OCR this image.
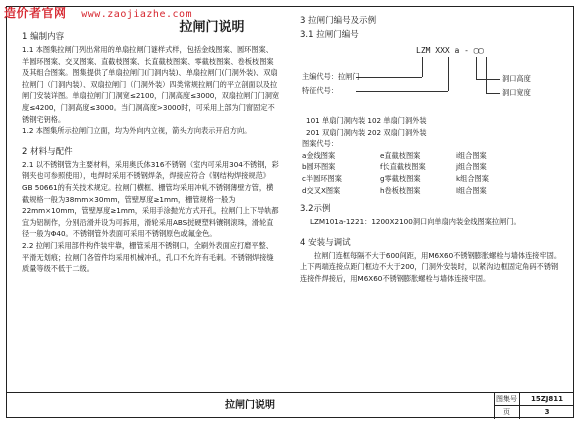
造价者官网 www.zaojiazhe.com
拉闸门说明
1 编制内容

1.1 本图集拉闸门列出常用的单扇拉闸门谜样式样，包括金线图案、圆环图案、羊圆环图案、交叉图案、直截枝图案、长直截枝图案、零截枝图案、卷板枝图案及其组合图案。图集提供了单扇拉闸门(门洞内装)、单扇拉闸门(门洞外装)、双扇拉闸门（门洞内装）、双扇拉闸门（门洞外装）四类常规拉闸门的平立剖面以及拉闸门安装详图。单扇拉闸门门洞宽≤2100，门洞高度≤3000，双扇拉闸门门洞宽度≤4200，门洞高度≤3000。当门洞高度>3000时，可采用上部为门窗固定不锈钢宅钥格。

1.2 本图集所示拉闸门立面，均为外向内立视，箭头方向表示开启方向。

2 材料与配件

2.1 以不锈钢管为主要材料，采用奥氏体316不锈钢（室内可采用304不锈钢，彩钢夹也可参照使用），电焊时采用不锈钢焊条，焊接应符合《钢结构焊接规范》GB 50661的有关技术规定。拉闸门横框、栅管均采用冲轧不锈钢薄壁方管，横截规格一般为38mm×30mm，管壁厚度≥1mm，栅管规格一般为22mm×10mm，管壁厚度≥1mm，采用手涂抛光方式开孔，拉闸门上下导轨都宜为铝制作，分别沿滑并设为可拆用，滑轮采用ABS挝硬塑料镶钢滚珠，滑轮直径一般为Φ40。不锈钢管外表面可采用不锈钢原色或氟金色。

2.2 拉闸门采用部件构件装牢靠，栅管采用不锈钢口，全刷外表面应打磨平整、平滑无划痕；拉闸门各管件均采用机械冲孔，孔口不允许有毛刺。不锈钢焊接缝质量等级不低于二级。

3 拉闸门编号及示例
3.1 拉闸门编号
LZM XXX a - ▢▢
主编代号：拉闸门
特征代号：
洞口高度
洞口宽度

101 单扇门洞内装 102 单扇门洞外装

201 双扇门洞内装 202 双扇门洞外装

图案代号：
a金线图案	e直截枝图案	i组合图案
b圆环图案	f长直截枝图案	j组合图案
c半圆环图案	g零截枝图案	k组合图案
d交叉X图案	h卷板枝图案	l组合图案
3.2示例

LZM101a-1221：1200X2100洞口向单扇内装金线图案拉闸门。

4 安装与调试

拉闸门连框每隔不大于600间距，用M6X60不锈钢膨胀螺栓与墙体连接牢固。上下两端连接点距门框边不大于200，门洞外安装时，以紧沟边框固定角码不锈钢连接件焊接后，用M6X60不锈钢膨胀螺栓与墙体连接牢固。

拉闸门说明
图集号	15ZJ811
页	3
